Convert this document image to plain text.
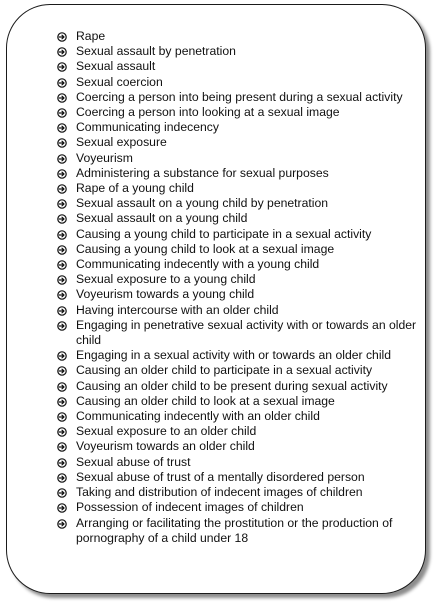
Rape
Sexual assault by penetration
Sexual assault
Sexual coercion
Coercing a person into being present during a sexual activity
Coercing a person into looking at a sexual image
Communicating indecency
Sexual exposure
Voyeurism
Administering a substance for sexual purposes
Rape of a young child
Sexual assault on a young child by penetration
Sexual assault on a young child
Causing a young child to participate in a sexual activity
Causing a young child to look at a sexual image
Communicating indecently with a young child
Sexual exposure to a young child
Voyeurism towards a young child
Having intercourse with an older child
Engaging in penetrative sexual activity with or towards an older child
Engaging in a sexual activity with or towards an older child
Causing an older child to participate in a sexual activity
Causing an older child to be present during sexual activity
Causing an older child to look at a sexual image
Communicating indecently with an older child
Sexual exposure to an older child
Voyeurism towards an older child
Sexual abuse of trust
Sexual abuse of trust of a mentally disordered person
Taking and distribution of indecent images of children
Possession of indecent images of children
Arranging or facilitating the prostitution or the production of pornography of a child under 18
